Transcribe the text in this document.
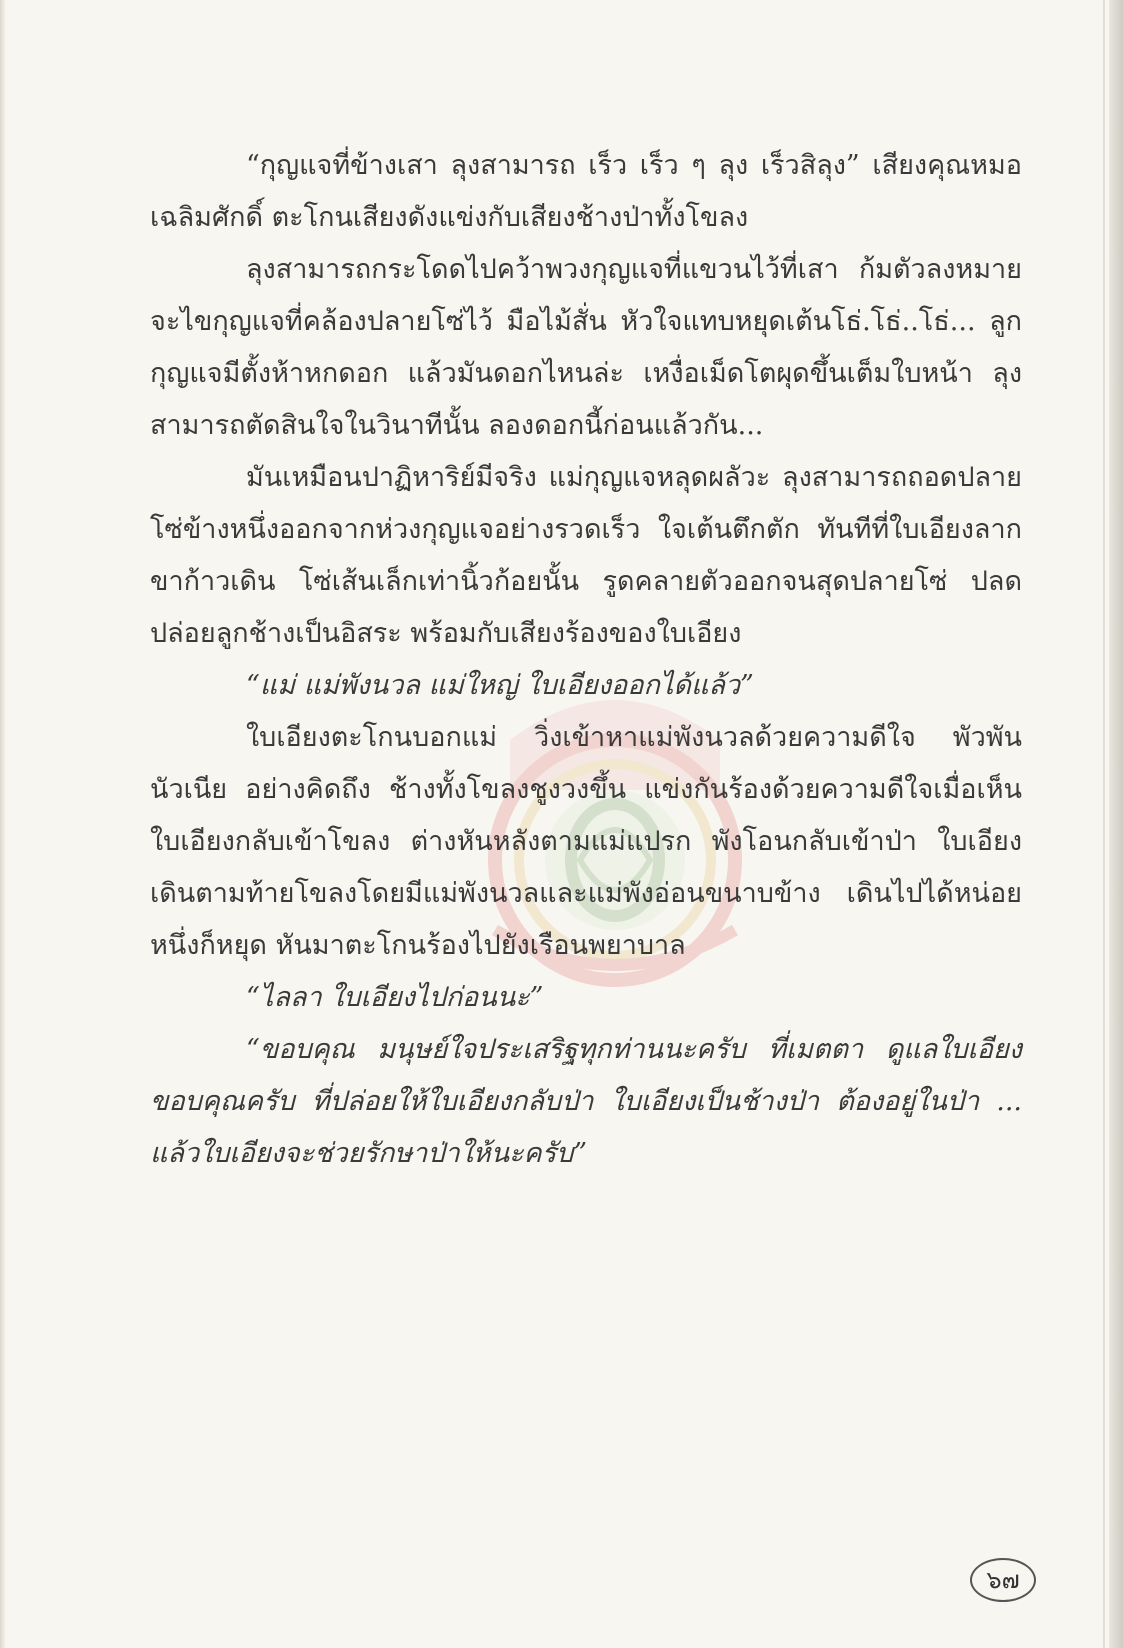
“กุญแจที่ข้างเสา ลุงสามารถ เร็ว เร็ว ๆ ลุง เร็วสิลุง” เสียงคุณหมอ
เฉลิมศักดิ์ ตะโกนเสียงดังแข่งกับเสียงช้างป่าทั้งโขลง
ลุงสามารถกระโดดไปคว้าพวงกุญแจที่แขวนไว้ที่เสา ก้มตัวลงหมาย
จะไขกุญแจที่คล้องปลายโซ่ไว้ มือไม้สั่น หัวใจแทบหยุดเต้นโธ่.โธ่..โธ่... ลูก
กุญแจมีตั้งห้าหกดอก แล้วมันดอกไหนล่ะ เหงื่อเม็ดโตผุดขึ้นเต็มใบหน้า ลุง
สามารถตัดสินใจในวินาทีนั้น ลองดอกนี้ก่อนแล้วกัน...
มันเหมือนปาฏิหาริย์มีจริง แม่กุญแจหลุดผลัวะ ลุงสามารถถอดปลาย
โซ่ข้างหนึ่งออกจากห่วงกุญแจอย่างรวดเร็ว ใจเต้นตึกตัก ทันทีที่ใบเอียงลาก
ขาก้าวเดิน โซ่เส้นเล็กเท่านิ้วก้อยนั้น รูดคลายตัวออกจนสุดปลายโซ่ ปลด
ปล่อยลูกช้างเป็นอิสระ พร้อมกับเสียงร้องของใบเอียง
“แม่ แม่พังนวล แม่ใหญ่ ใบเอียงออกได้แล้ว”
ใบเอียงตะโกนบอกแม่ วิ่งเข้าหาแม่พังนวลด้วยความดีใจ พัวพัน
นัวเนีย อย่างคิดถึง ช้างทั้งโขลงชูงวงขึ้น แข่งกันร้องด้วยความดีใจเมื่อเห็น
ใบเอียงกลับเข้าโขลง ต่างหันหลังตามแม่แปรก พังโอนกลับเข้าป่า ใบเอียง
เดินตามท้ายโขลงโดยมีแม่พังนวลและแม่พังอ่อนขนาบข้าง เดินไปได้หน่อย
หนึ่งก็หยุด หันมาตะโกนร้องไปยังเรือนพยาบาล
“ไลลา ใบเอียงไปก่อนนะ”
“ขอบคุณ มนุษย์ใจประเสริฐทุกท่านนะครับ ที่เมตตา ดูแลใบเอียง
ขอบคุณครับ ที่ปล่อยให้ใบเอียงกลับป่า ใบเอียงเป็นช้างป่า ต้องอยู่ในป่า ...
แล้วใบเอียงจะช่วยรักษาป่าให้นะครับ”
๖๗
